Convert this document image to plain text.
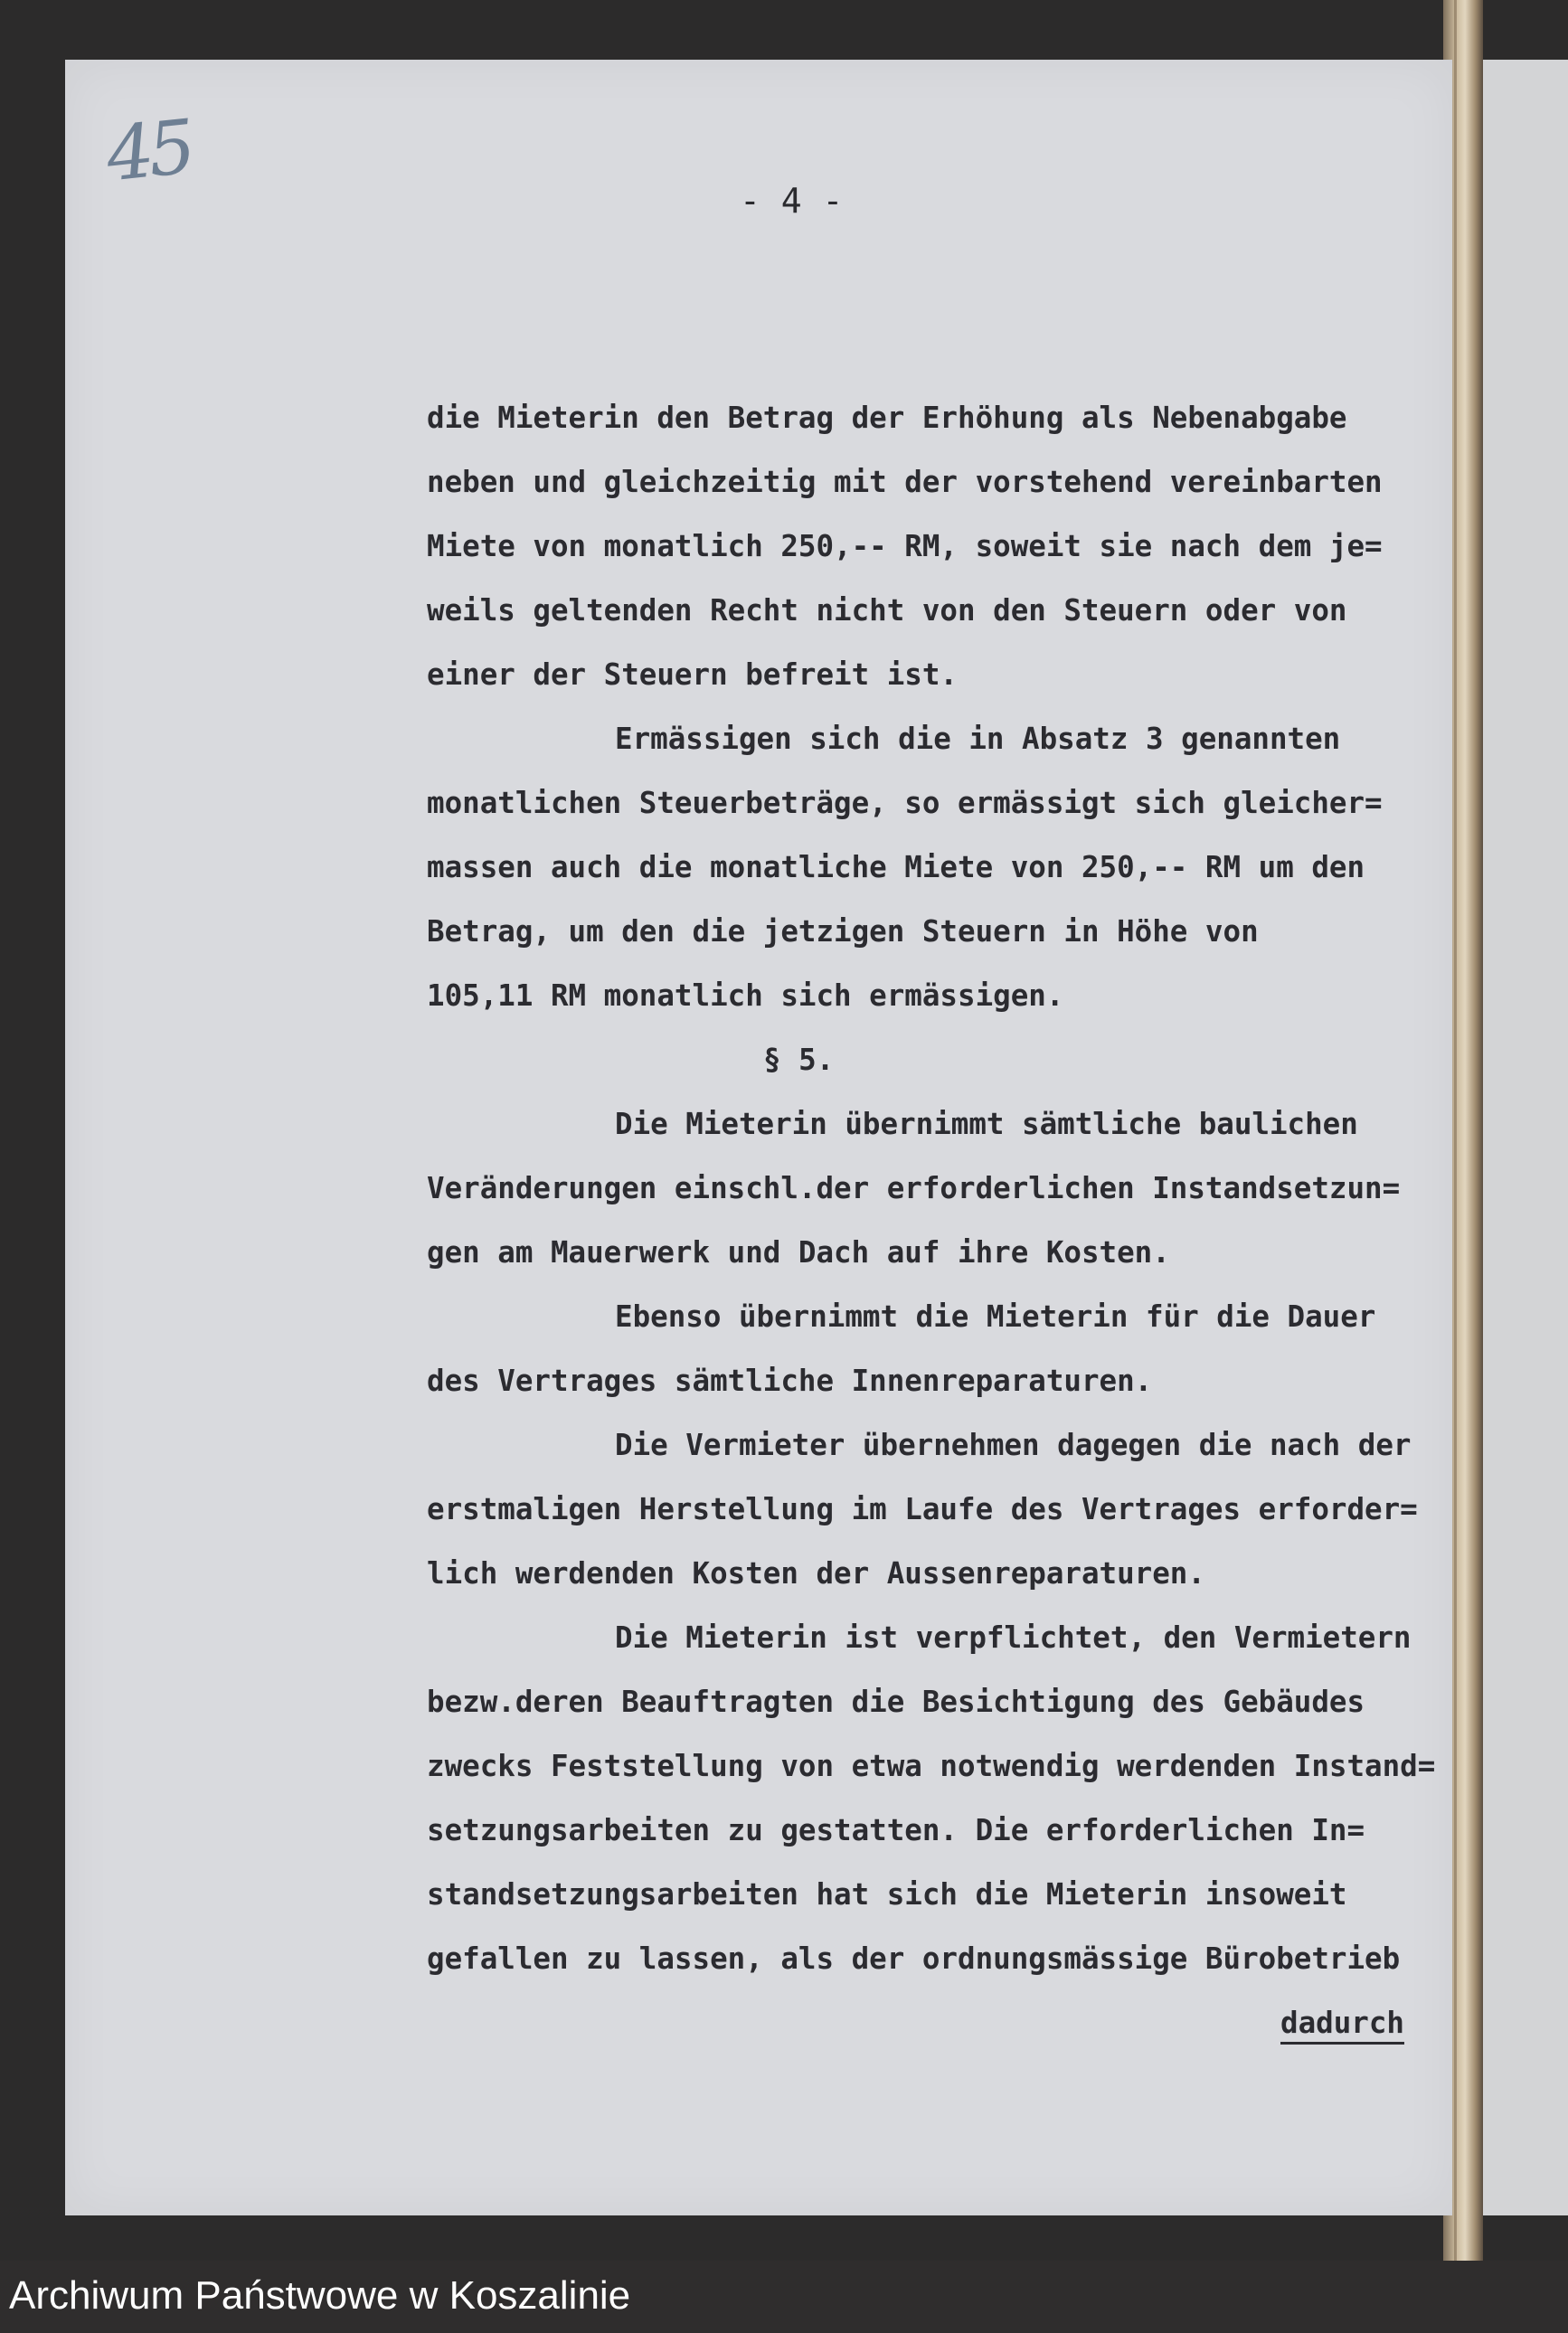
45
- 4 -

die Mieterin den Betrag der Erhöhung als Nebenabgabe

neben und gleichzeitig mit der vorstehend vereinbarten

Miete von monatlich 250,-- RM, soweit sie nach dem je=

weils geltenden Recht nicht von den Steuern oder von

einer der Steuern befreit ist.

Ermässigen sich die in Absatz 3 genannten

monatlichen Steuerbeträge, so ermässigt sich gleicher=

massen auch die monatliche Miete von 250,-- RM um den

Betrag, um den die jetzigen Steuern in Höhe von

105,11 RM monatlich sich ermässigen.

§ 5.

Die Mieterin übernimmt sämtliche baulichen

Veränderungen einschl.der erforderlichen Instandsetzun=

gen am Mauerwerk und Dach auf ihre Kosten.

Ebenso übernimmt die Mieterin für die Dauer

des Vertrages sämtliche Innenreparaturen.

Die Vermieter übernehmen dagegen die nach der

erstmaligen Herstellung im Laufe des Vertrages erforder=

lich werdenden Kosten der Aussenreparaturen.

Die Mieterin ist verpflichtet, den Vermietern

bezw.deren Beauftragten die Besichtigung des Gebäudes

zwecks Feststellung von etwa notwendig werdenden Instand=

setzungsarbeiten zu gestatten. Die erforderlichen In=

standsetzungsarbeiten hat sich die Mieterin insoweit

gefallen zu lassen, als der ordnungsmässige Bürobetrieb

dadurch

Archiwum Państwowe w Koszalinie
